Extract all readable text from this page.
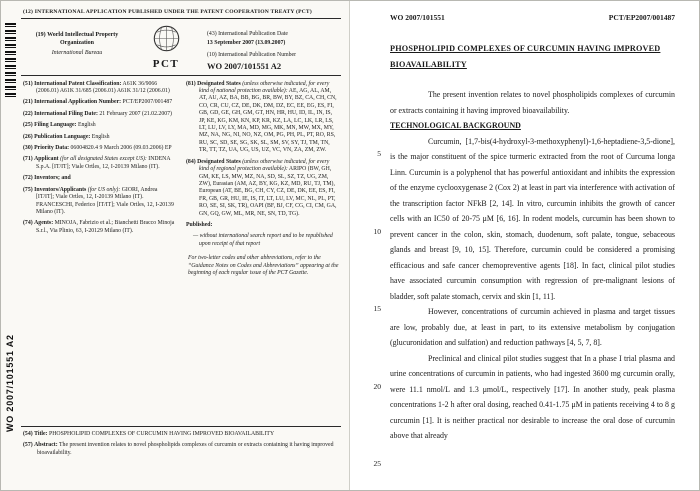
WO 2007/101551 A2
(12) INTERNATIONAL APPLICATION PUBLISHED UNDER THE PATENT COOPERATION TREATY (PCT)
(19) World Intellectual Property Organization
International Bureau
PCT
(43) International Publication Date
13 September 2007 (13.09.2007)
(10) International Publication Number
WO 2007/101551 A2
(51) International Patent Classification: A61K 36/9066 (2006.01) A61K 31/685 (2006.01) A61K 31/12 (2006.01)
(21) International Application Number: PCT/EP2007/001487
(22) International Filing Date: 21 February 2007 (21.02.2007)
(25) Filing Language: English
(26) Publication Language: English
(30) Priority Data: 06004820.4 9 March 2006 (09.03.2006) EP
(71) Applicant (for all designated States except US): INDENA S.p.A. [IT/IT]; Viale Ortles, 12, I-20139 Milano (IT).
(72) Inventors; and
(75) Inventors/Applicants (for US only): GIORI, Andrea [IT/IT]; Viale Ortles, 12, I-20139 Milano (IT). FRANCESCHI, Federico [IT/IT]; Viale Ortles, 12, I-20139 Milano (IT).
(74) Agents: MINOJA, Fabrizio et al.; Bianchetti Bracco Minoja S.r.l., Via Plinio, 63, I-20129 Milano (IT).
(81) Designated States (unless otherwise indicated, for every kind of national protection available): AE, AG, AL, AM, AT, AU, AZ, BA, BB, BG, BR, BW, BY, BZ, CA, CH, CN, CO, CR, CU, CZ, DE, DK, DM, DZ, EC, EE, EG, ES, FI, GB, GD, GE, GH, GM, GT, HN, HR, HU, ID, IL, IN, IS, JP, KE, KG, KM, KN, KP, KR, KZ, LA, LC, LK, LR, LS, LT, LU, LV, LY, MA, MD, MG, MK, MN, MW, MX, MY, MZ, NA, NG, NI, NO, NZ, OM, PG, PH, PL, PT, RO, RS, RU, SC, SD, SE, SG, SK, SL, SM, SV, SY, TJ, TM, TN, TR, TT, TZ, UA, UG, US, UZ, VC, VN, ZA, ZM, ZW.
(84) Designated States (unless otherwise indicated, for every kind of regional protection available): ARIPO (BW, GH, GM, KE, LS, MW, MZ, NA, SD, SL, SZ, TZ, UG, ZM, ZW), Eurasian (AM, AZ, BY, KG, KZ, MD, RU, TJ, TM), European (AT, BE, BG, CH, CY, CZ, DE, DK, EE, ES, FI, FR, GB, GR, HU, IE, IS, IT, LT, LU, LV, MC, NL, PL, PT, RO, SE, SI, SK, TR), OAPI (BF, BJ, CF, CG, CI, CM, GA, GN, GQ, GW, ML, MR, NE, SN, TD, TG).
Published:
— without international search report and to be republished upon receipt of that report
For two-letter codes and other abbreviations, refer to the “Guidance Notes on Codes and Abbreviations” appearing at the beginning of each regular issue of the PCT Gazette.
(54) Title: PHOSPHOLIPID COMPLEXES OF CURCUMIN HAVING IMPROVED BIOAVAILABILITY
(57) Abstract: The present invention relates to novel phospholipids complexes of curcumin or extracts containing it having improved bioavailability.
WO 2007/101551	PCT/EP2007/001487
PHOSPHOLIPID COMPLEXES OF CURCUMIN HAVING IMPROVED BIOAVAILABILITY
5
10
15
20
25

The present invention relates to novel phospholipids complexes of curcumin or extracts containing it having improved bioavailability.

TECHNOLOGICAL BACKGROUND

Curcumin, [1,7-bis(4-hydroxyl-3-methoxyphenyl)-1,6-heptadiene-3,5-dione], is the major constituent of the spice turmeric extracted from the root of Curcuma longa Linn. Curcumin is a polyphenol that has powerful antioxidant and inhibits the expression of the enzyme cyclooxygenase 2 (Cox 2) at least in part via interference with activation of the transcription factor NFkB [2, 14]. In vitro, curcumin inhibits the growth of cancer cells with an IC50 of 20-75 μM [6, 16]. In rodent models, curcumin has been shown to prevent cancer in the colon, skin, stomach, duodenum, soft palate, tongue, sebaceous glands and breast [9, 10, 15]. Therefore, curcumin could be considered a promising efficacious and safe cancer chemopreventive agents [18]. In fact, clinical pilot studies have associated curcumin consumption with regression of pre-malignant lesions of bladder, soft palate stomach, cervix and skin [1, 11].

However, concentrations of curcumin achieved in plasma and target tissues are low, probably due, at least in part, to its extensive metabolism by conjugation (glucuronidation and sulfation) and reduction pathways [4, 5, 7, 8].

Preclinical and clinical pilot studies suggest that In a phase I trial plasma and urine concentrations of curcumin in patients, who had ingested 3600 mg curcumin orally, were 11.1 nmol/L and 1.3 μmol/L, respectively [17]. In another study, peak plasma concentrations 1-2 h after oral dosing, reached 0.41-1.75 μM in patients receiving 4 to 8 g curcumin [1]. It is neither practical nor desirable to increase the oral dose of curcumin above that already
